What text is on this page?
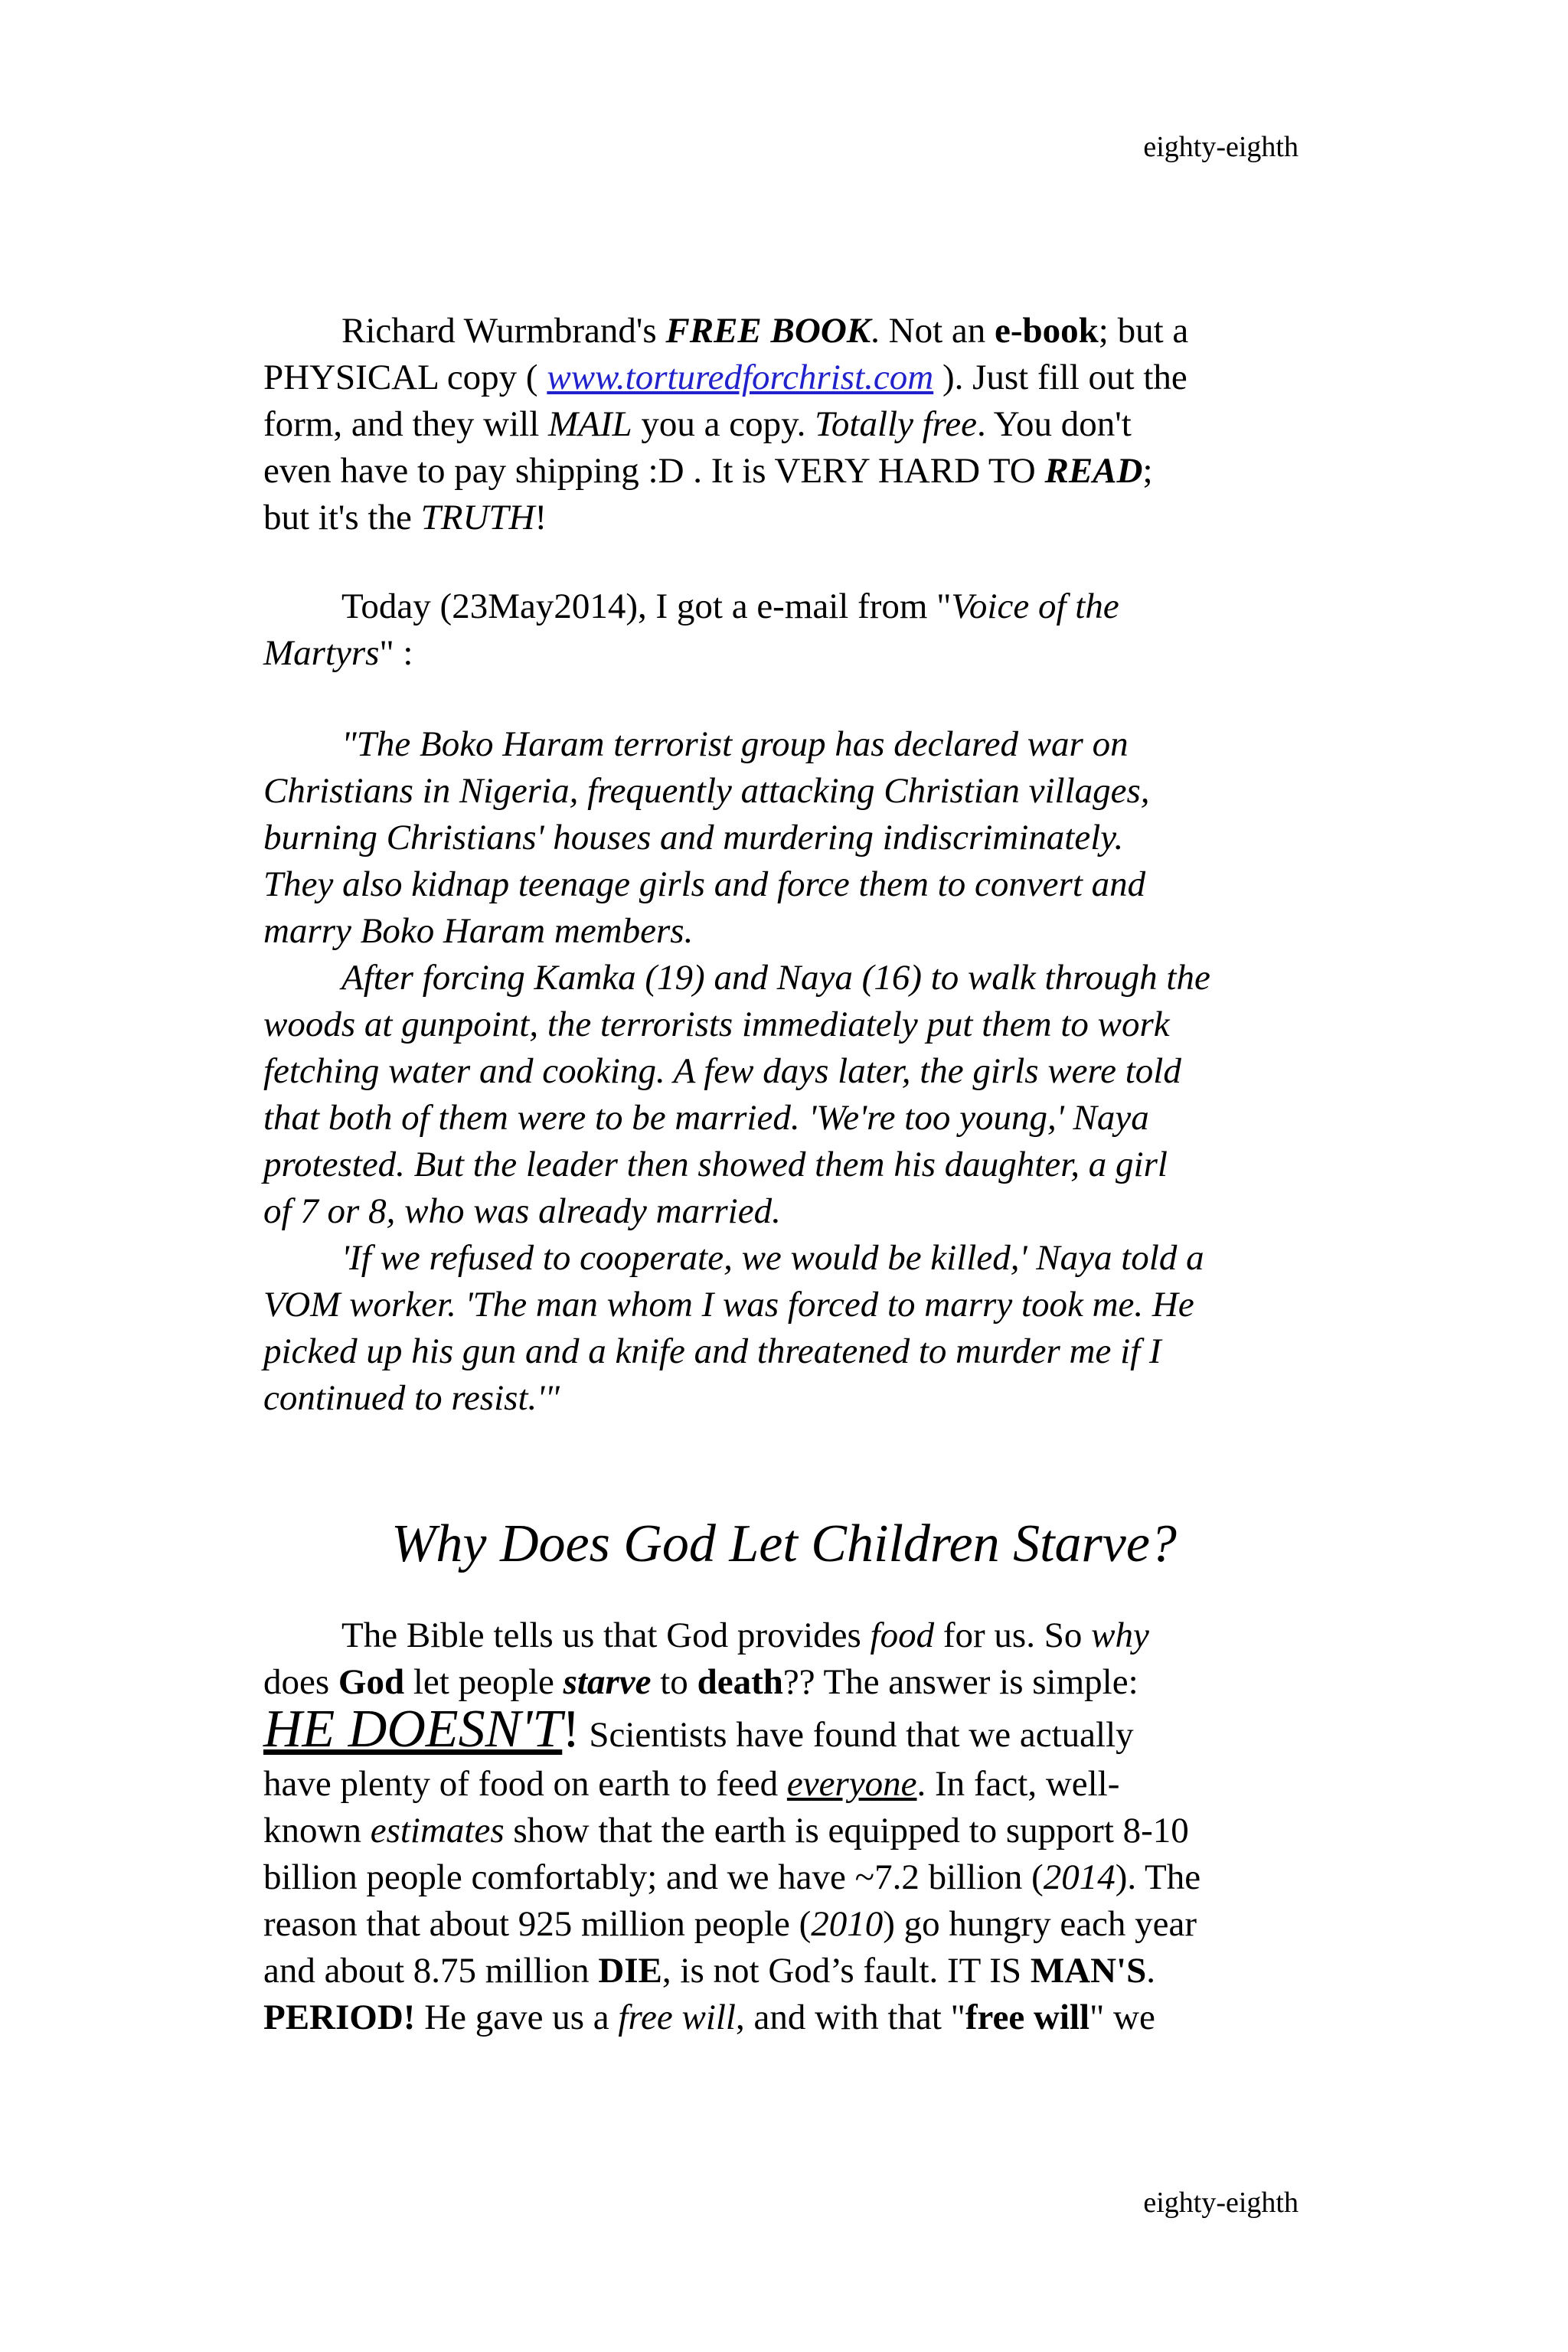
eighty-eighth

Richard Wurmbrand's FREE BOOK. Not an e-book; but a
PHYSICAL copy ( www.torturedforchrist.com ). Just fill out the
form, and they will MAIL you a copy. Totally free. You don't
even have to pay shipping :D . It is VERY HARD TO READ;
but it's the TRUTH!

Today (23May2014), I got a e-mail from "Voice of the
Martyrs" :

"The Boko Haram terrorist group has declared war on
Christians in Nigeria, frequently attacking Christian villages,
burning Christians' houses and murdering indiscriminately.
They also kidnap teenage girls and force them to convert and
marry Boko Haram members.
After forcing Kamka (19) and Naya (16) to walk through the
woods at gunpoint, the terrorists immediately put them to work
fetching water and cooking. A few days later, the girls were told
that both of them were to be married. 'We're too young,' Naya
protested. But the leader then showed them his daughter, a girl
of 7 or 8, who was already married.
'If we refused to cooperate, we would be killed,' Naya told a
VOM worker. 'The man whom I was forced to marry took me. He
picked up his gun and a knife and threatened to murder me if I
continued to resist.'"

Why Does God Let Children Starve?

The Bible tells us that God provides food for us. So why
does God let people starve to death?? The answer is simple:
HE DOESN'T! Scientists have found that we actually
have plenty of food on earth to feed everyone. In fact, well-
known estimates show that the earth is equipped to support 8-10
billion people comfortably; and we have ~7.2 billion (2014). The
reason that about 925 million people (2010) go hungry each year
and about 8.75 million DIE, is not God’s fault. IT IS MAN'S.
PERIOD! He gave us a free will, and with that "free will" we

eighty-eighth
